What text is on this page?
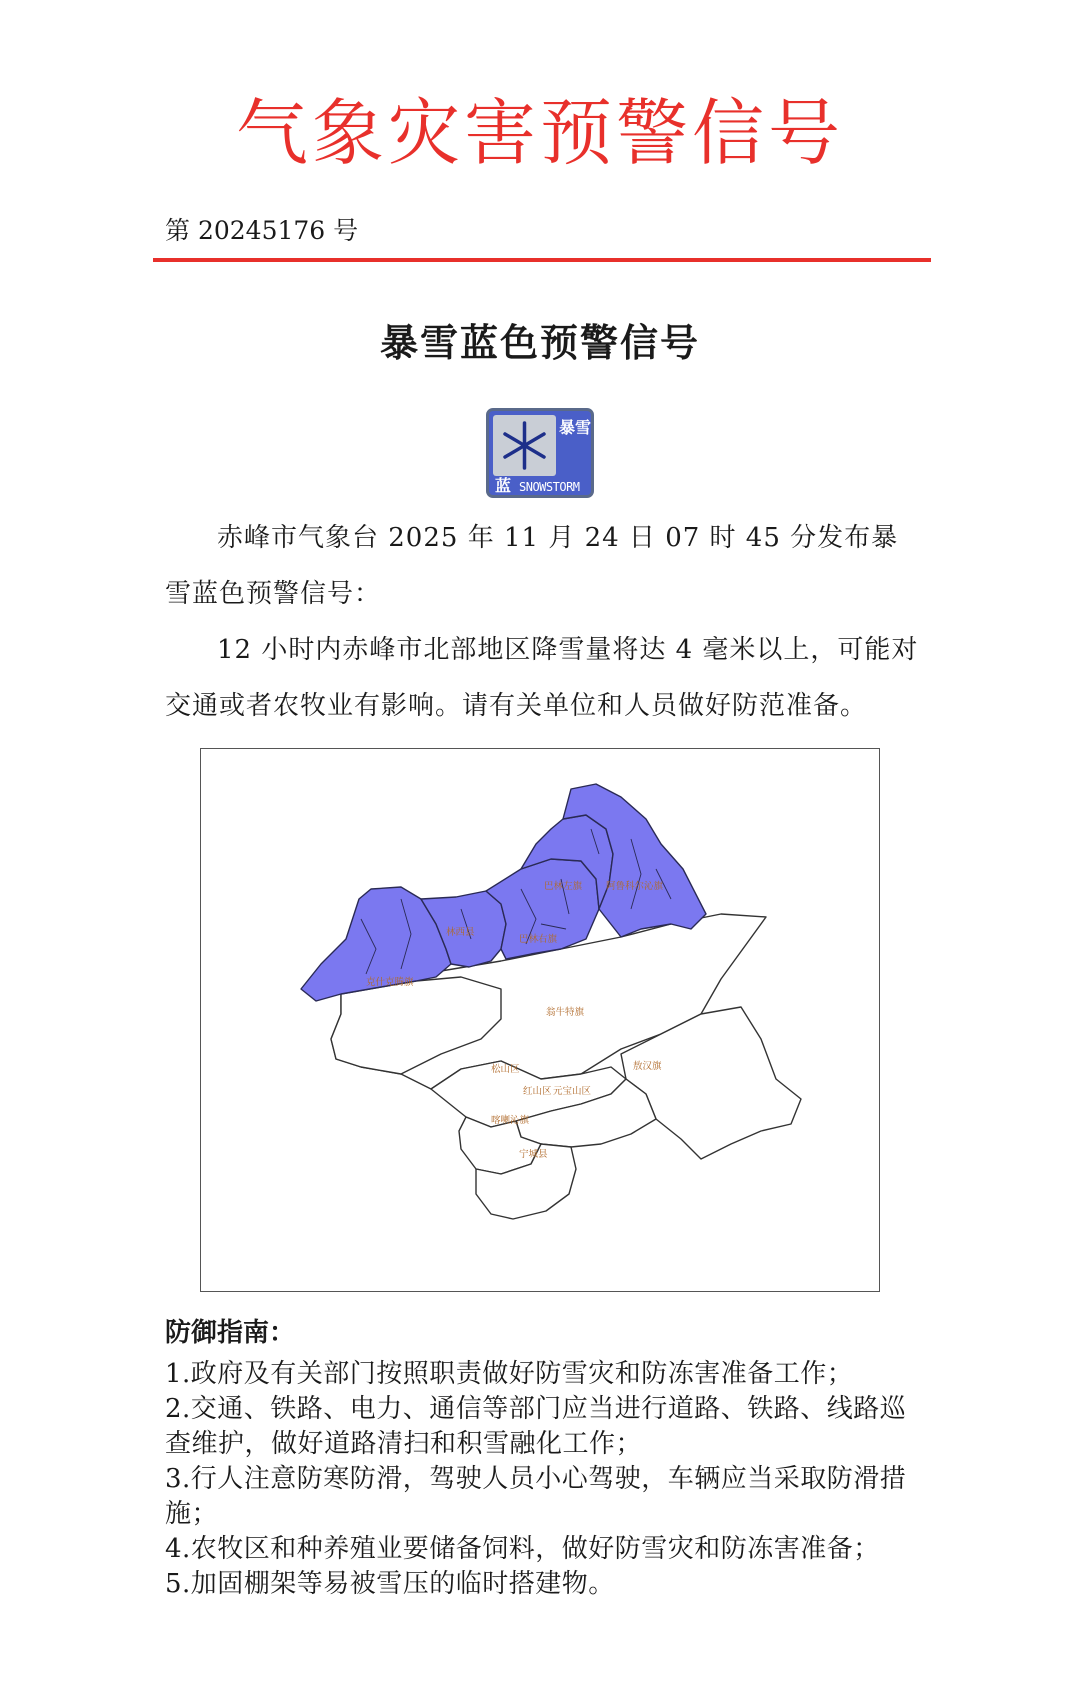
气象灾害预警信号
第 20245176 号
暴雪蓝色预警信号
暴雪
蓝 SNOWSTORM

赤峰市气象台 2025 年 11 月 24 日 07 时 45 分发布暴雪蓝色预警信号：

12 小时内赤峰市北部地区降雪量将达 4 毫米以上，可能对交通或者农牧业有影响。请有关单位和人员做好防范准备。

阿鲁科尔沁旗
巴林左旗
林西县
巴林右旗
克什克腾旗
翁牛特旗
松山区
红山区 元宝山区
敖汉旗
喀喇沁旗
宁城县
防御指南：

1.政府及有关部门按照职责做好防雪灾和防冻害准备工作；

2.交通、铁路、电力、通信等部门应当进行道路、铁路、线路巡查维护，做好道路清扫和积雪融化工作；

3.行人注意防寒防滑，驾驶人员小心驾驶，车辆应当采取防滑措施；

4.农牧区和种养殖业要储备饲料，做好防雪灾和防冻害准备；

5.加固棚架等易被雪压的临时搭建物。
